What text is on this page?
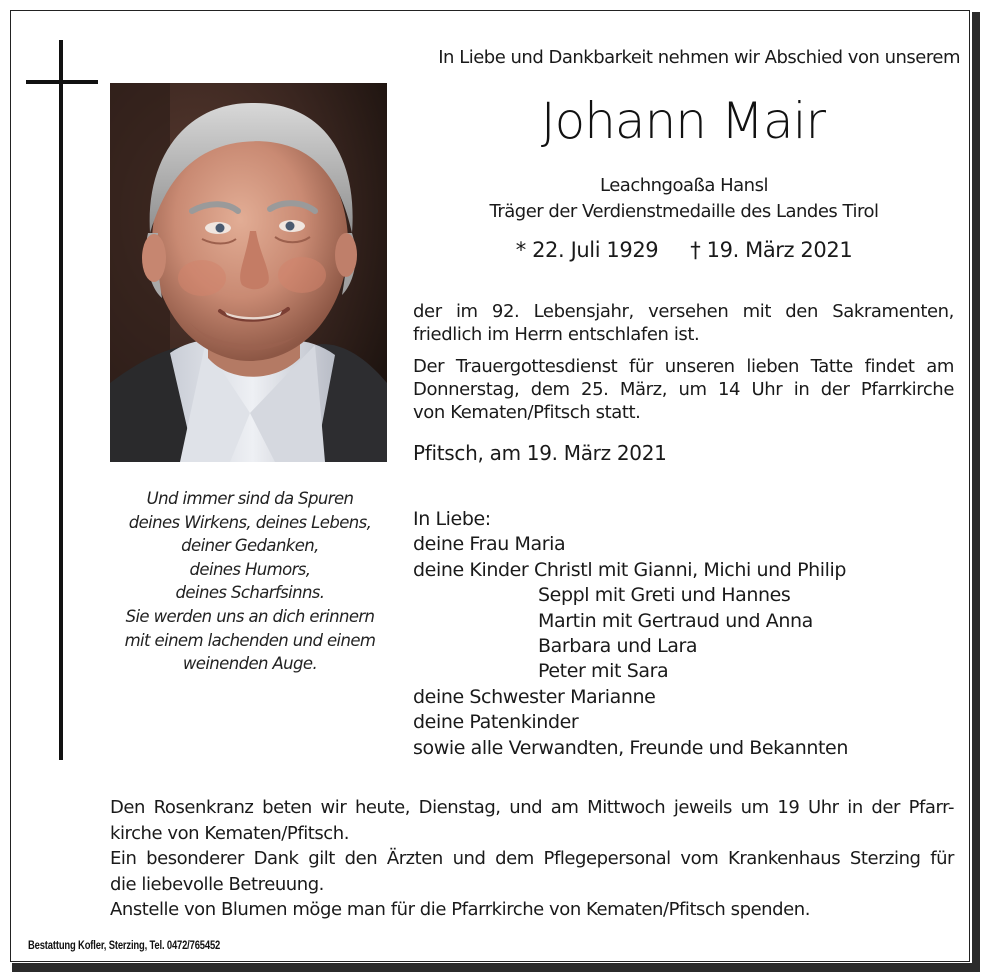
Und immer sind da Spuren
deines Wirkens, deines Lebens,
deiner Gedanken,
deines Humors,
deines Scharfsinns.
Sie werden uns an dich erinnern
mit einem lachenden und einem
weinenden Auge.
In Liebe und Dankbarkeit nehmen wir Abschied von unserem
Johann Mair
Leachngoaßa Hansl
Träger der Verdienstmedaille des Landes Tirol
* 22. Juli 1929 † 19. März 2021
der im 92. Lebensjahr, versehen mit den Sakramenten,
friedlich im Herrn entschlafen ist.
Der Trauergottesdienst für unseren lieben Tatte findet am
Donnerstag, dem 25. März, um 14 Uhr in der Pfarrkirche
von Kematen/Pfitsch statt.
Pfitsch, am 19. März 2021
In Liebe:
deine Frau Maria
deine Kinder Christl mit Gianni, Michi und Philip
Seppl mit Greti und Hannes
Martin mit Gertraud und Anna
Barbara und Lara
Peter mit Sara
deine Schwester Marianne
deine Patenkinder
sowie alle Verwandten, Freunde und Bekannten
Den Rosenkranz beten wir heute, Dienstag, und am Mittwoch jeweils um 19 Uhr in der Pfarr-
kirche von Kematen/Pfitsch.
Ein besonderer Dank gilt den Ärzten und dem Pflegepersonal vom Krankenhaus Sterzing für
die liebevolle Betreuung.
Anstelle von Blumen möge man für die Pfarrkirche von Kematen/Pfitsch spenden.
Bestattung Kofler, Sterzing, Tel. 0472/765452
